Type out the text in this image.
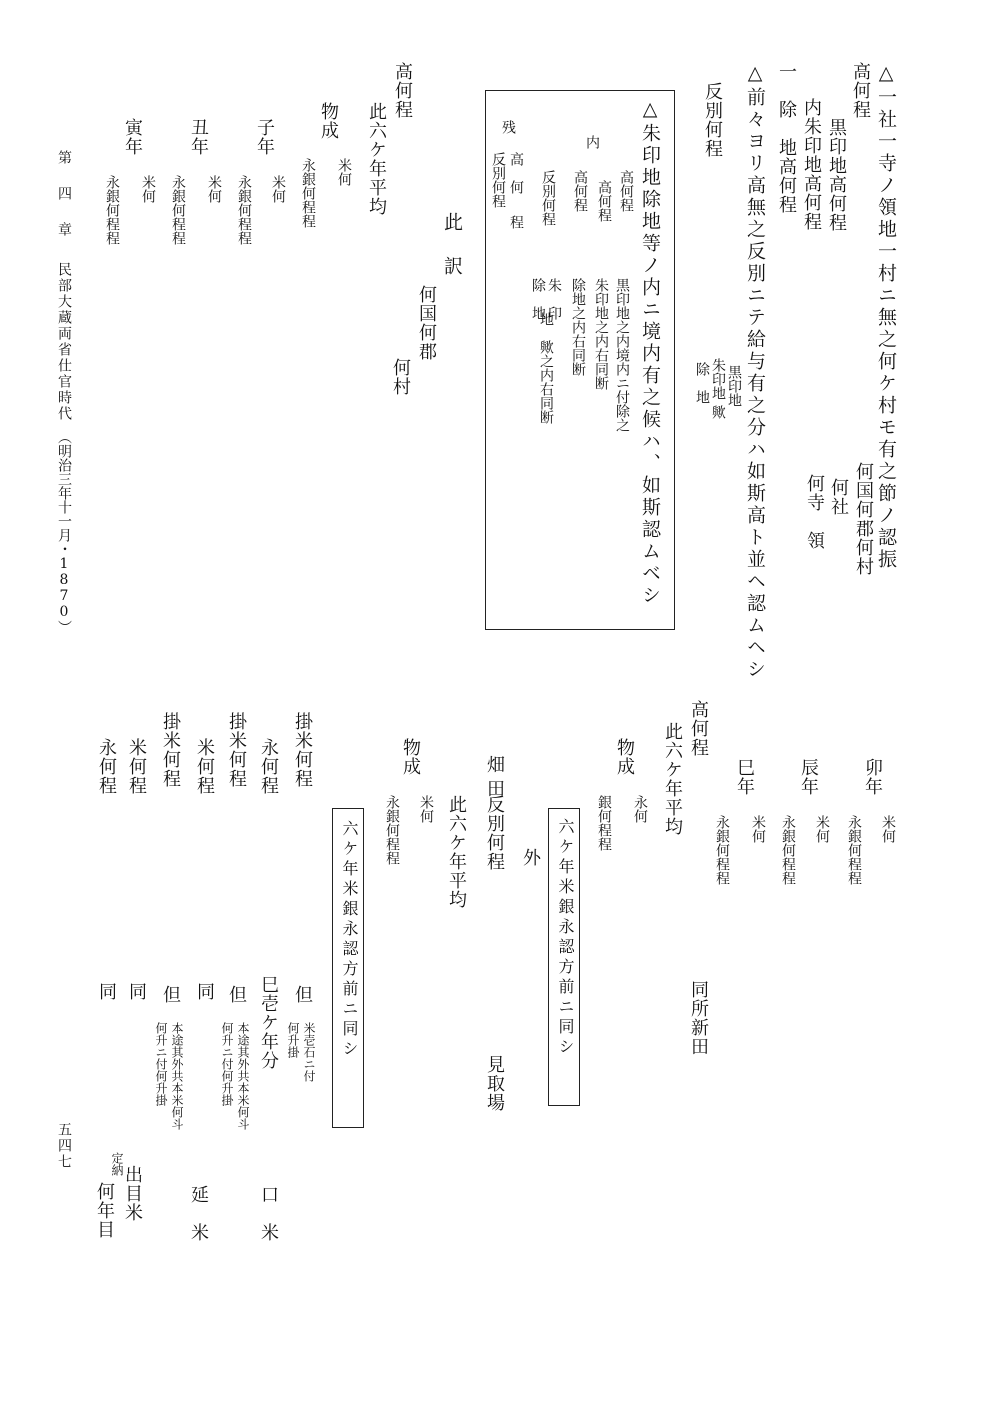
△一社一寺ノ領地一村ニ無之何ケ村モ有之節ノ認振
高何程
黒印地高何程
内朱印地高何程
一　除　地高何程
何国何郡何村
何社
何寺　領
△前々ヨリ高無之反別ニテ給与有之分ハ如斯高ト並ヘ認ムヘシ
反別何程
黒印地
朱印地
除　地
歟
△朱印地除地等ノ内ニ境内有之候ハ、如斯認ムベシ
高何程
黒印地之内境内ニ付除之
高何程
朱印地之内右同断
高何程
除地之内右同断
内
反別何程
朱　印
除　地
地　歟之内右同断
残
高　何
反別何程
程
此　訳
何国何郡
何村
高何程
此六ケ年平均
物成
米何
永銀何程程
子年
米何
永銀何程程
丑年
米何
永銀何程程
寅年
米何
永銀何程程
第　四　章
民部大蔵両省仕官時代
（明治三年十一月・1870）
卯年
米何
永銀何程程
辰年
米何
永銀何程程
巳年
米何
永銀何程程
高何程
此六ケ年平均
同所新田
物成
永何
銀何程程
六ケ年米銀永認方前ニ同シ
外
畑田
反別何程
見取場
此六ケ年平均
物成
米何
永銀何程程
六ケ年米銀永認方前ニ同シ
掛米何程
但
米壱石ニ付
何升掛
口　米
永何程
巳壱ケ年分
掛米何程
但
本途其外共本米何斗
何升ニ付何升掛
米何程
同
延　米
掛米何程
但
本途其外共本米何斗
何升ニ付何升掛
米何程
同
出目米
永何程
同
定納
何年目
五四七
